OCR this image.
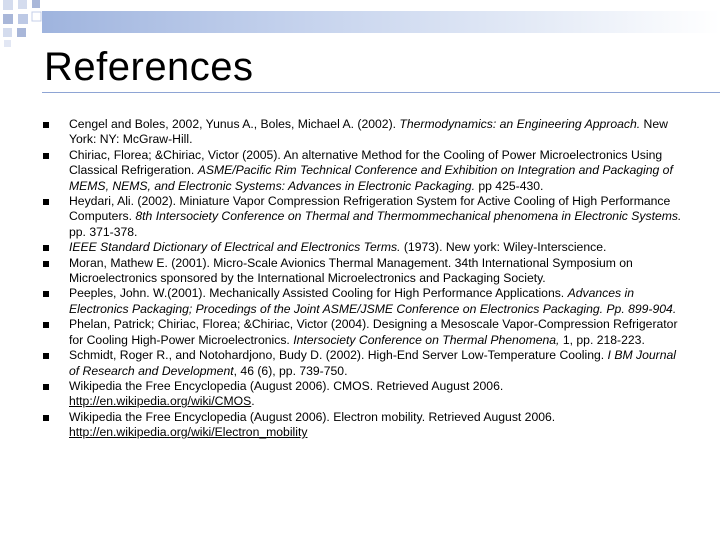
References
Cengel and Boles, 2002, Yunus A., Boles, Michael A. (2002). Thermodynamics: an Engineering Approach. New York: NY: McGraw-Hill.
Chiriac, Florea; &Chiriac, Victor (2005). An alternative Method for the Cooling of Power Microelectronics Using Classical Refrigeration. ASME/Pacific Rim Technical Conference and Exhibition on Integration and Packaging of MEMS, NEMS, and Electronic Systems: Advances in Electronic Packaging. pp 425-430.
Heydari, Ali. (2002). Miniature Vapor Compression Refrigeration System for Active Cooling of High Performance Computers. 8th Intersociety Conference on Thermal and Thermommechanical phenomena in Electronic Systems. pp. 371-378.
IEEE Standard Dictionary of Electrical and Electronics Terms. (1973). New york: Wiley-Interscience.
Moran, Mathew E. (2001). Micro-Scale Avionics Thermal Management. 34th International Symposium on Microelectronics sponsored by the International Microelectronics and Packaging Society.
Peeples, John. W.(2001). Mechanically Assisted Cooling for High Performance Applications. Advances in Electronics Packaging; Procedings of the Joint ASME/JSME Conference on Electronics Packaging. Pp. 899-904.
Phelan, Patrick; Chiriac, Florea; &Chiriac, Victor (2004). Designing a Mesoscale Vapor-Compression Refrigerator for Cooling High-Power Microelectronics. Intersociety Conference on Thermal Phenomena, 1, pp. 218-223.
Schmidt, Roger R., and Notohardjono, Budy D. (2002). High-End Server Low-Temperature Cooling. I BM Journal of Research and Development, 46 (6), pp. 739-750.
Wikipedia the Free Encyclopedia (August 2006). CMOS. Retrieved August 2006. http://en.wikipedia.org/wiki/CMOS.
Wikipedia the Free Encyclopedia (August 2006). Electron mobility. Retrieved August 2006. http://en.wikipedia.org/wiki/Electron_mobility
